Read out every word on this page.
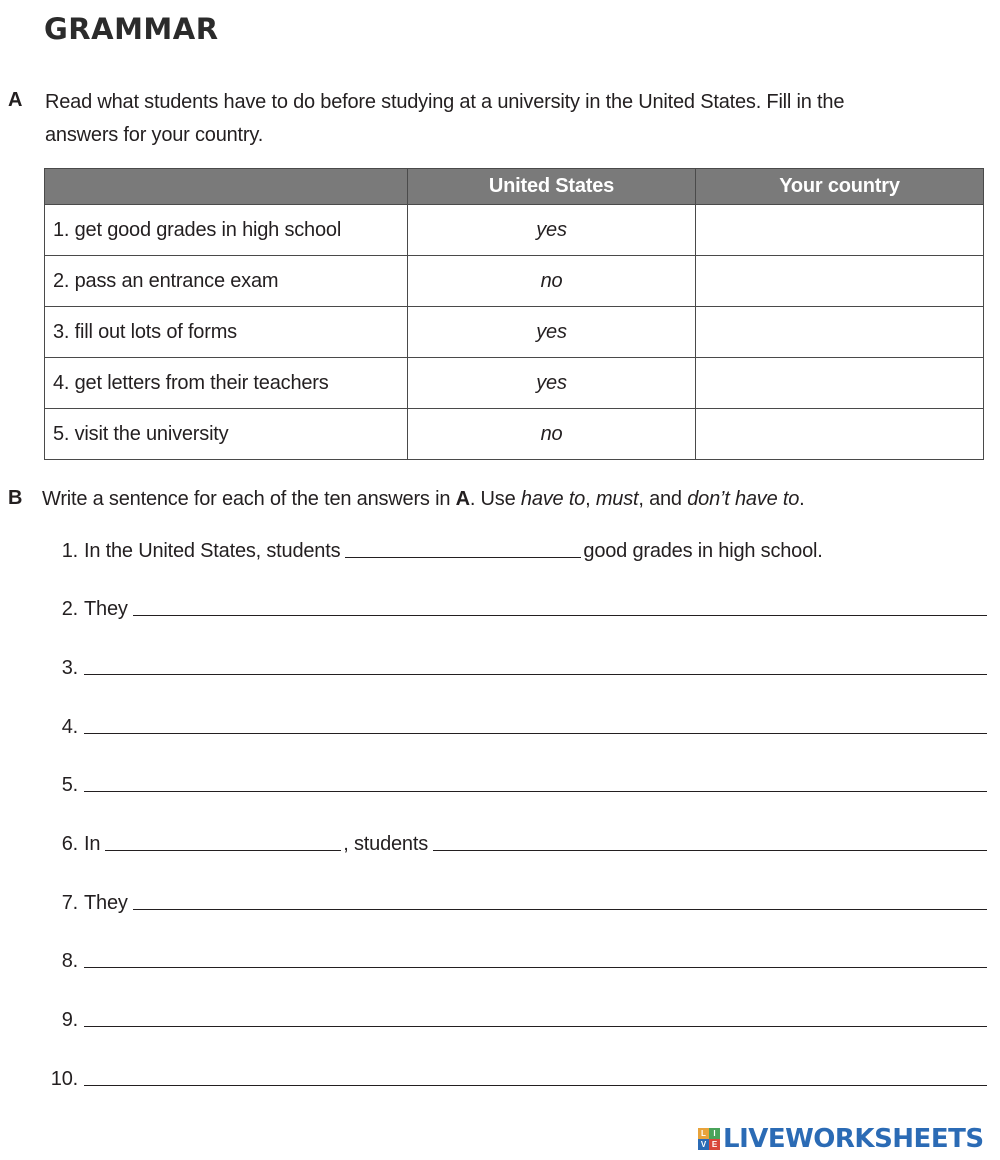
GRAMMAR
A Read what students have to do before studying at a university in the United States. Fill in the
answers for your country.
	United States	Your country
1. get good grades in high school	yes	
2. pass an entrance exam	no	
3. fill out lots of forms	yes	
4. get letters from their teachers	yes	
5. visit the university	no	
B Write a sentence for each of the ten answers in A. Use have to, must, and don’t have to.
1. In the United States, students	good grades in high school.
2. They
3.
4.
5.
6. In	, students
7. They
8.
9.
10.
L I
V E LIVEWORKSHEETS
